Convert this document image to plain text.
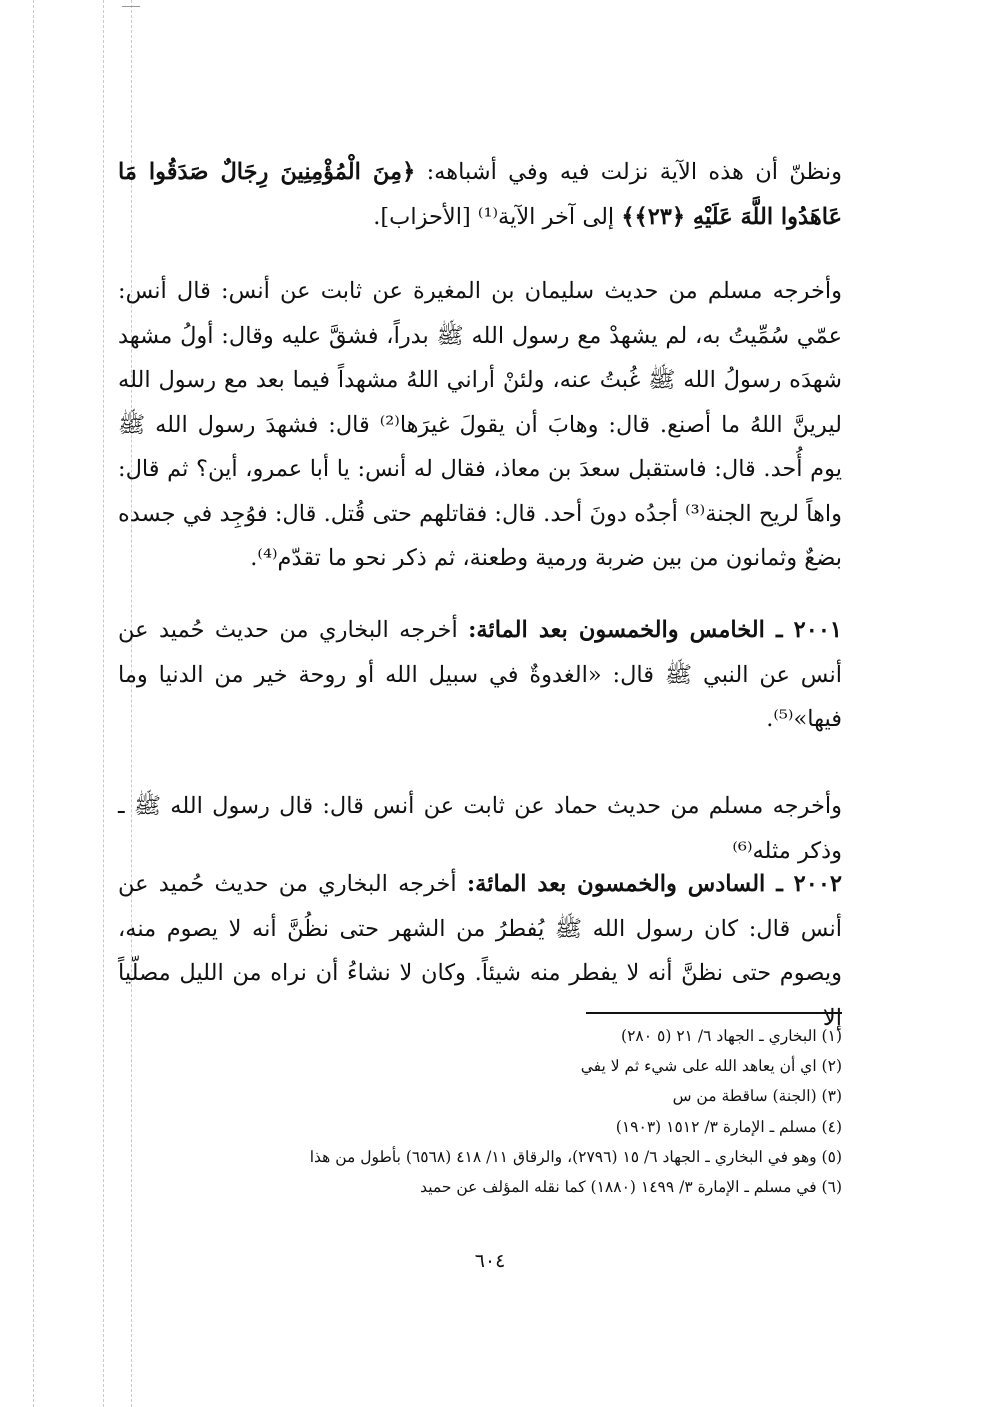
ونظنّ أن هذه الآية نزلت فيه وفي أشباهه: ﴿مِنَ الْمُؤْمِنِينَ رِجَالٌ صَدَقُوا مَا عَاهَدُوا اللَّهَ عَلَيْهِ ﴿٢٣﴾﴾ إلى آخر الآية⁽¹⁾ [الأحزاب].

وأخرجه مسلم من حديث سليمان بن المغيرة عن ثابت عن أنس: قال أنس: عمّي سُمِّيتُ به، لم يشهدْ مع رسول الله ﷺ بدراً، فشقَّ عليه وقال: أولُ مشهد شهدَه رسولُ الله ﷺ غُبتُ عنه، ولئنْ أراني اللهُ مشهداً فيما بعد مع رسول الله ليرينَّ اللهُ ما أصنع. قال: وهابَ أن يقولَ غيرَها⁽²⁾ قال: فشهدَ رسول الله ﷺ يوم أُحد. قال: فاستقبل سعدَ بن معاذ، فقال له أنس: يا أبا عمرو، أين؟ ثم قال: واهاً لريح الجنة⁽³⁾ أجدُه دونَ أحد. قال: فقاتلهم حتى قُتل. قال: فوُجِد في جسده بضعٌ وثمانون من بين ضربة ورمية وطعنة، ثم ذكر نحو ما تقدّم⁽⁴⁾.

٢٠٠١ ـ الخامس والخمسون بعد المائة: أخرجه البخاري من حديث حُميد عن أنس عن النبي ﷺ قال: «الغدوةٌ في سبيل الله أو روحة خير من الدنيا وما فيها»⁽⁵⁾.

وأخرجه مسلم من حديث حماد عن ثابت عن أنس قال: قال رسول الله ﷺ ـ وذكر مثله⁽⁶⁾

٢٠٠٢ ـ السادس والخمسون بعد المائة: أخرجه البخاري من حديث حُميد عن أنس قال: كان رسول الله ﷺ يُفطرُ من الشهر حتى نظُنَّ أنه لا يصوم منه، ويصوم حتى نظنَّ أنه لا يفطر منه شيئاً. وكان لا نشاءُ أن نراه من الليل مصلّياً إلا

(١) البخاري ـ الجهاد ٦/ ٢١ (٥ ٢٨٠)
(٢) اي أن يعاهد الله على شيء ثم لا يفي
(٣) (الجنة) ساقطة من س
(٤) مسلم ـ الإمارة ٣/ ١٥١٢ (١٩٠٣)
(٥) وهو في البخاري ـ الجهاد ٦/ ١٥ (٢٧٩٦)، والرقاق ١١/ ٤١٨ (٦٥٦٨) بأطول من هذا
(٦) في مسلم ـ الإمارة ٣/ ١٤٩٩ (١٨٨٠) كما نقله المؤلف عن حميد
٦٠٤
